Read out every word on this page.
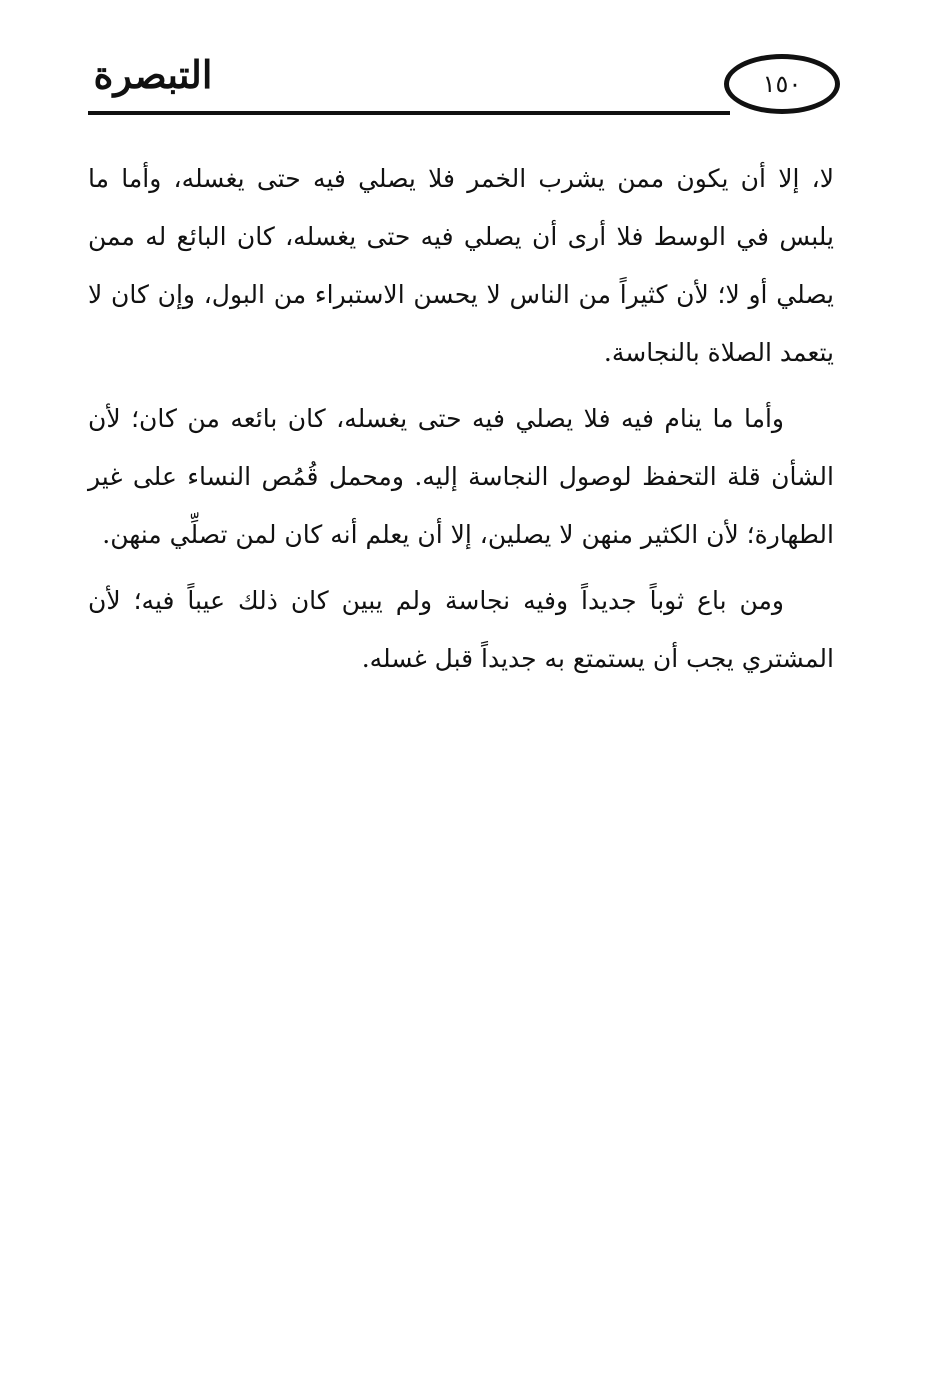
التبصرة	١٥٠

لا، إلا أن يكون ممن يشرب الخمر فلا يصلي فيه حتى يغسله، وأما ما يلبس في الوسط فلا أرى أن يصلي فيه حتى يغسله، كان البائع له ممن يصلي أو لا؛ لأن كثيراً من الناس لا يحسن الاستبراء من البول، وإن كان لا يتعمد الصلاة بالنجاسة.

وأما ما ينام فيه فلا يصلي فيه حتى يغسله، كان بائعه من كان؛ لأن الشأن قلة التحفظ لوصول النجاسة إليه. ومحمل قُمُص النساء على غير الطهارة؛ لأن الكثير منهن لا يصلين، إلا أن يعلم أنه كان لمن تصلِّي منهن.

ومن باع ثوباً جديداً وفيه نجاسة ولم يبين كان ذلك عيباً فيه؛ لأن المشتري يجب أن يستمتع به جديداً قبل غسله.
